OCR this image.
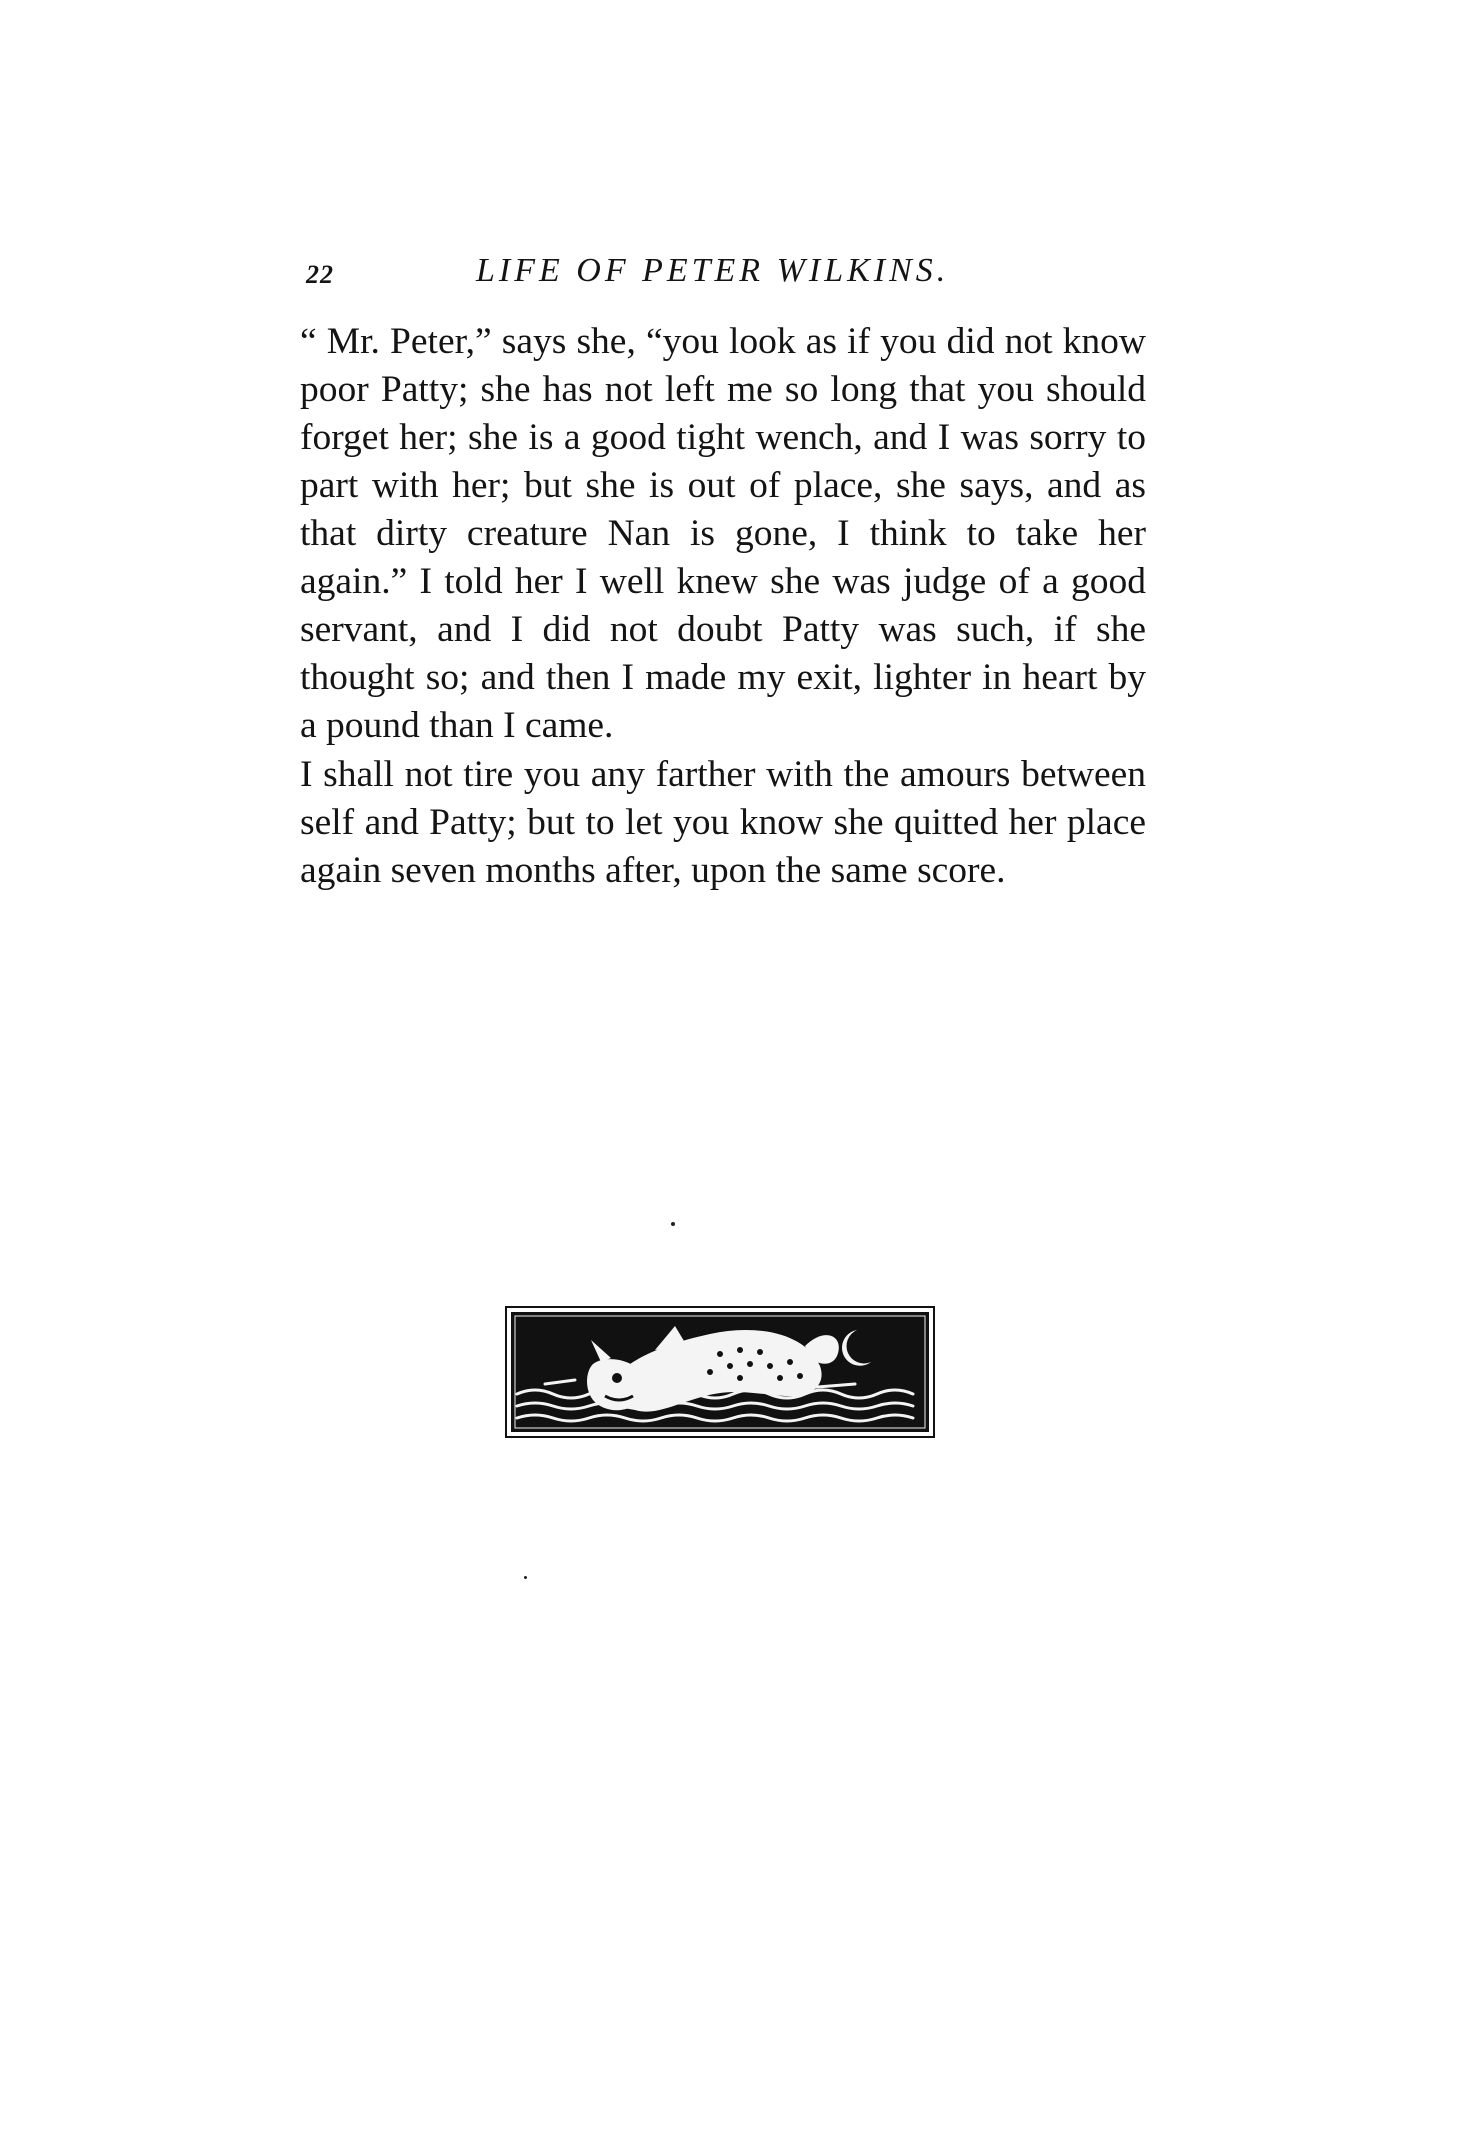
22	LIFE OF PETER WILKINS.

“ Mr. Peter,” says she, “you look as if you did not know poor Patty; she has not left me so long that you should forget her; she is a good tight wench, and I was sorry to part with her; but she is out of place, she says, and as that dirty creature Nan is gone, I think to take her again.” I told her I well knew she was judge of a good servant, and I did not doubt Patty was such, if she thought so; and then I made my exit, lighter in heart by a pound than I came.

I shall not tire you any farther with the amours between self and Patty; but to let you know she quitted her place again seven months after, upon the same score.
